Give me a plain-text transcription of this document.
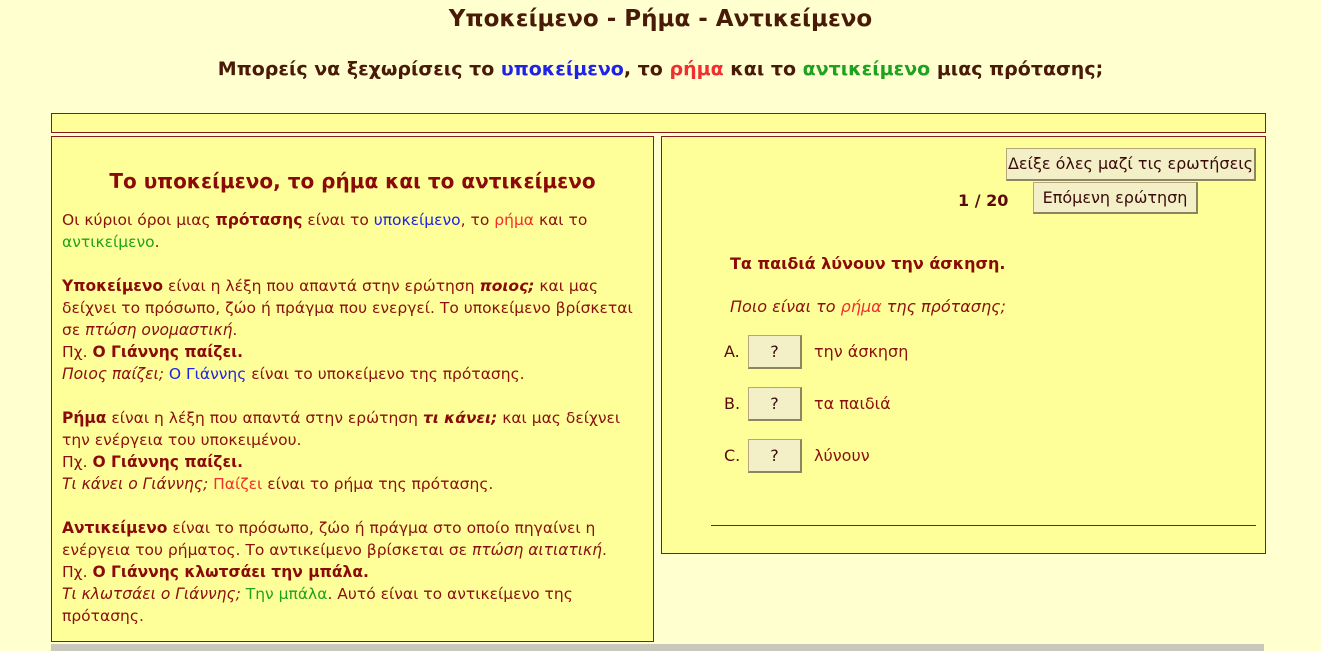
Υποκείμενο - Ρήμα - Αντικείμενο
Μπορείς να ξεχωρίσεις το υποκείμενο, το ρήμα και το αντικείμενο μιας πρότασης;
Το υποκείμενο, το ρήμα και το αντικείμενο
Οι κύριοι όροι μιας πρότασης είναι το υποκείμενο, το ρήμα και το αντικείμενο.
Υποκείμενο είναι η λέξη που απαντά στην ερώτηση ποιος; και μας δείχνει το πρόσωπο, ζώο ή πράγμα που ενεργεί. Το υποκείμενο βρίσκεται σε πτώση ονομαστική.
Πχ. Ο Γιάννης παίζει.
Ποιος παίζει; Ο Γιάννης είναι το υποκείμενο της πρότασης.
Ρήμα είναι η λέξη που απαντά στην ερώτηση τι κάνει; και μας δείχνει την ενέργεια του υποκειμένου.
Πχ. Ο Γιάννης παίζει.
Τι κάνει ο Γιάννης; Παίζει είναι το ρήμα της πρότασης.
Αντικείμενο είναι το πρόσωπο, ζώο ή πράγμα στο οποίο πηγαίνει η ενέργεια του ρήματος. Το αντικείμενο βρίσκεται σε πτώση αιτιατική.
Πχ. Ο Γιάννης κλωτσάει την μπάλα.
Τι κλωτσάει ο Γιάννης; Την μπάλα. Αυτό είναι το αντικείμενο της πρότασης.
Δείξε όλες μαζί τις ερωτήσεις
1 / 20	Επόμενη ερώτηση
Τα παιδιά λύνουν την άσκηση.
Ποιο είναι το ρήμα της πρότασης;
A.	?	την άσκηση
B.	?	τα παιδιά
C.	?	λύνουν
